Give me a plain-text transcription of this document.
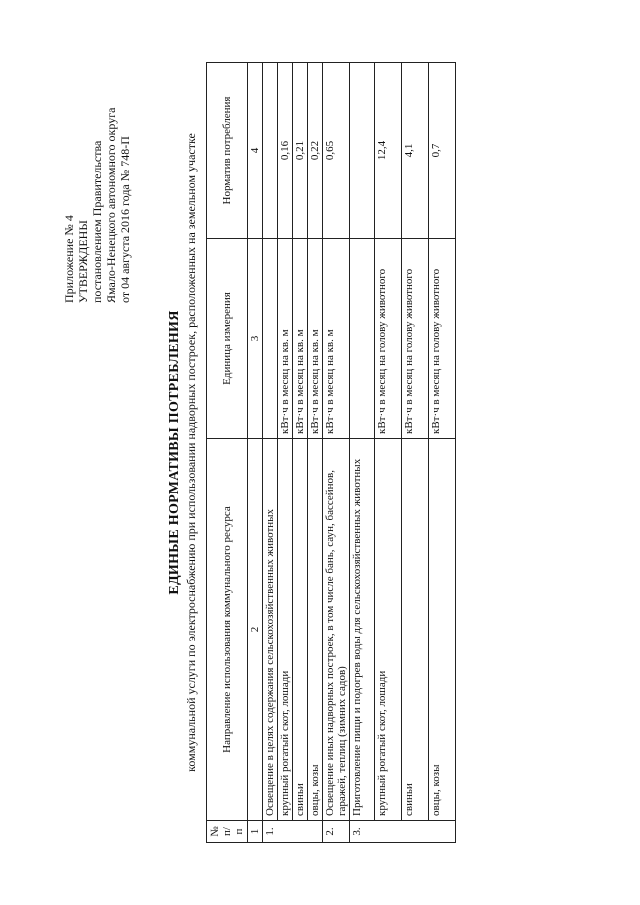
Приложение № 4 УТВЕРЖДЕНЫ постановлением Правительства Ямало-Ненецкого автономного округа от 04 августа 2016 года № 748-П
ЕДИНЫЕ НОРМАТИВЫ ПОТРЕБЛЕНИЯ коммунальной услуги по электроснабжению при использовании надворных построек, расположенных на земельном участке
№ п/п	Направление использования коммунального ресурса	Единица измерения	Норматив потребления
1	2	3	4
1.	Освещение в целях содержания сельскохозяйственных животных		
	крупный рогатый скот, лошади	кВт·ч в месяц на кв. м	0,16
	свиньи	кВт·ч в месяц на кв. м	0,21
	овцы, козы	кВт·ч в месяц на кв. м	0,22
2.	Освещение иных надворных построек, в том числе бань, саун, бассейнов, гаражей, теплиц (зимних садов)	кВт·ч в месяц на кв. м	0,65
3.	Приготовление пищи и подогрев воды для сельскохозяйственных животных		
	крупный рогатый скот, лошади	кВт·ч в месяц на голову животного	12,4
	свиньи	кВт·ч в месяц на голову животного	4,1
	овцы, козы	кВт·ч в месяц на голову животного	0,7
